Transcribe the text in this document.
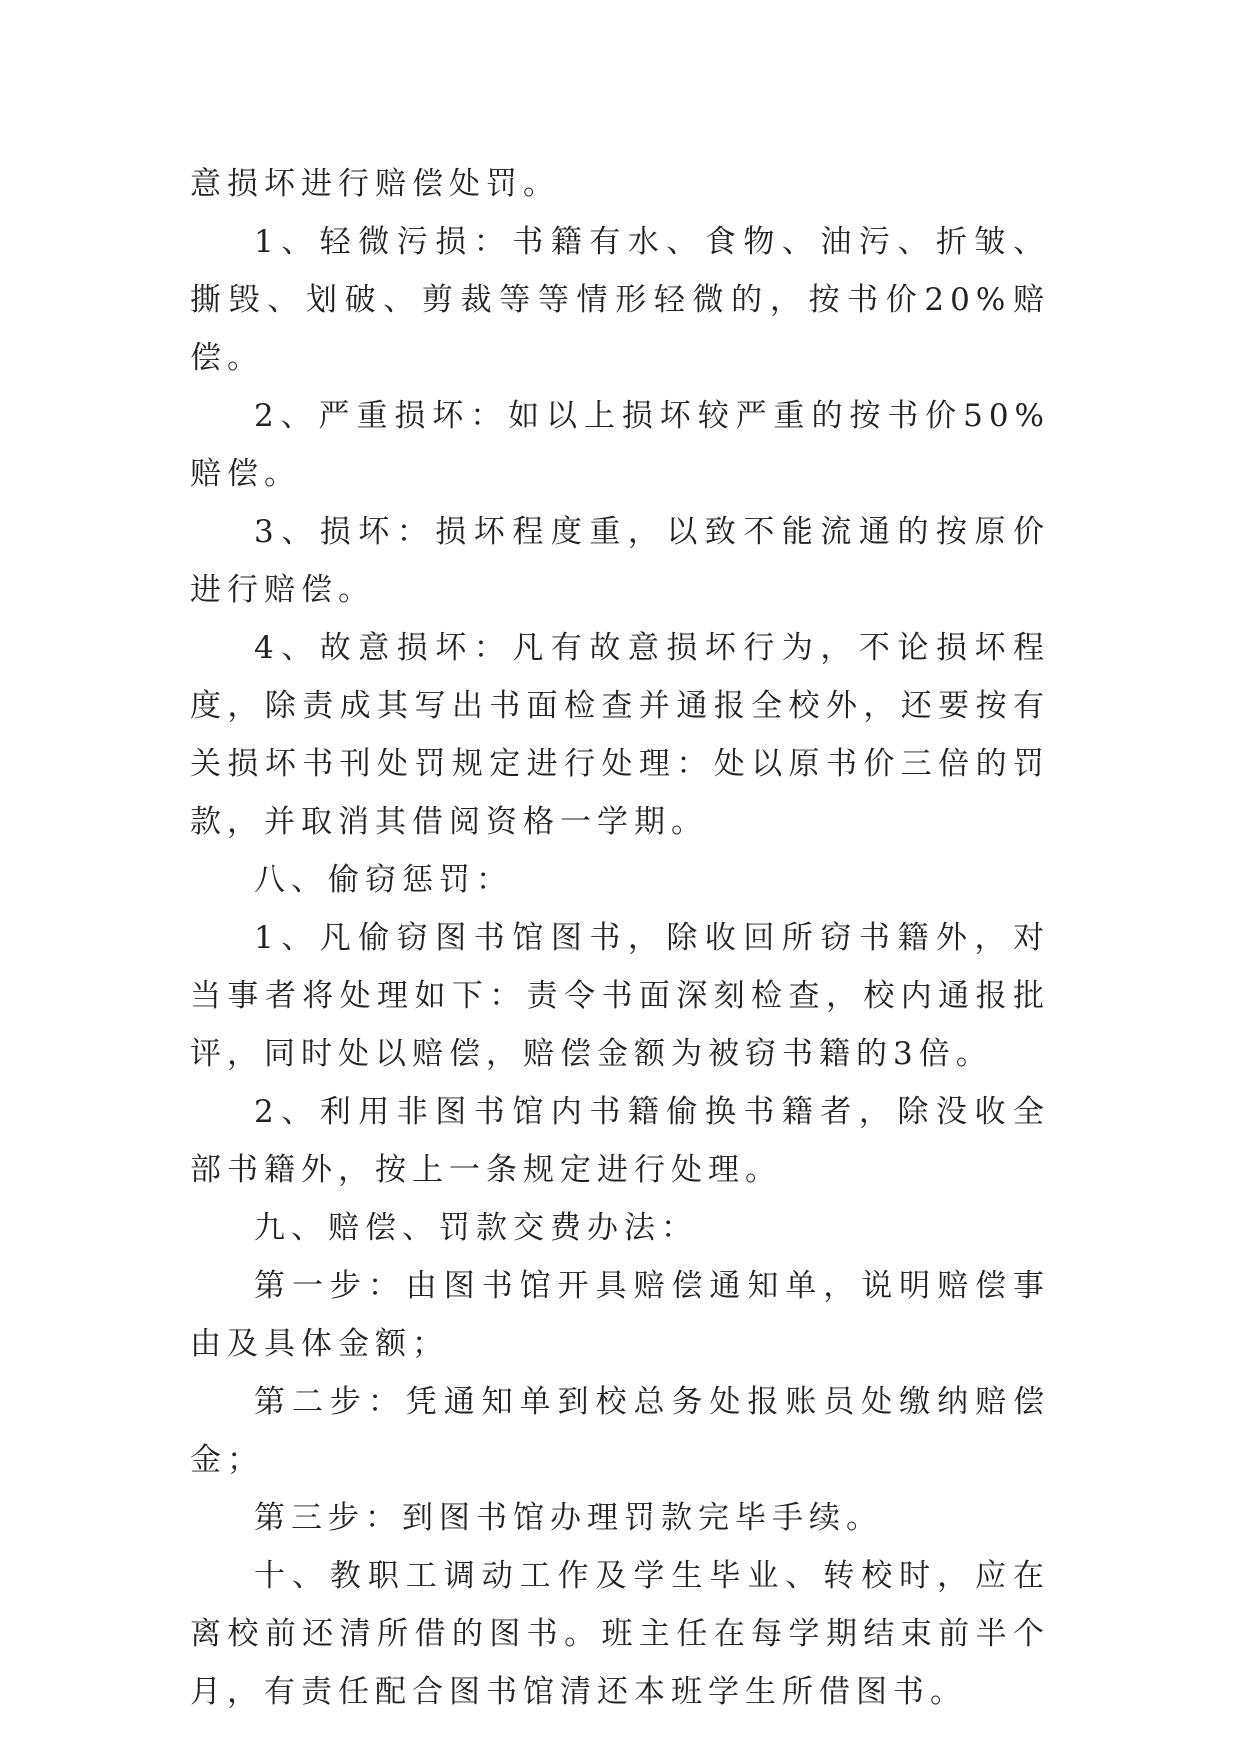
意损坏进行赔偿处罚。

1、轻微污损：书籍有水、食物、油污、折皱、撕毁、划破、剪裁等等情形轻微的，按书价20%赔偿。

2、严重损坏：如以上损坏较严重的按书价50%赔偿。

3、损坏：损坏程度重，以致不能流通的按原价进行赔偿。

4、故意损坏：凡有故意损坏行为，不论损坏程度，除责成其写出书面检查并通报全校外，还要按有关损坏书刊处罚规定进行处理：处以原书价三倍的罚款，并取消其借阅资格一学期。

八、偷窃惩罚：

1、凡偷窃图书馆图书，除收回所窃书籍外，对当事者将处理如下：责令书面深刻检查，校内通报批评，同时处以赔偿，赔偿金额为被窃书籍的3倍。

2、利用非图书馆内书籍偷换书籍者，除没收全部书籍外，按上一条规定进行处理。

九、赔偿、罚款交费办法：

第一步：由图书馆开具赔偿通知单，说明赔偿事由及具体金额；

第二步：凭通知单到校总务处报账员处缴纳赔偿金；

第三步：到图书馆办理罚款完毕手续。

十、教职工调动工作及学生毕业、转校时，应在离校前还清所借的图书。班主任在每学期结束前半个月，有责任配合图书馆清还本班学生所借图书。
